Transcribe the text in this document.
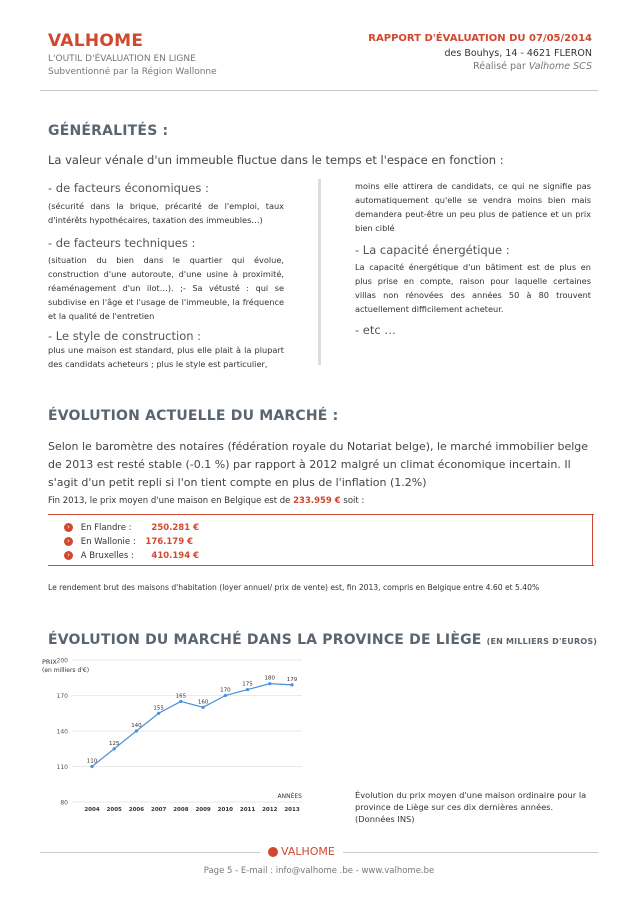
VALHOME
L'OUTIL D'ÉVALUATION EN LIGNE
Subventionné par la Région Wallonne
RAPPORT D'ÉVALUATION DU 07/05/2014
des Bouhys, 14 - 4621 FLERON
Réalisé par Valhome SCS
GÉNÉRALITÉS :
La valeur vénale d'un immeuble fluctue dans le temps et l'espace en fonction :
- de facteurs économiques :
(sécurité dans la brique, précarité de l'emploi, taux d'intérêts hypothécaires, taxation des immeubles…)
- de facteurs techniques :
(situation du bien dans le quartier qui évolue, construction d'une autoroute, d'une usine à proximité, réaménagement d'un ilot…). ;- Sa vétusté : qui se subdivise en l'âge et l'usage de l'immeuble, la fréquence et la qualité de l'entretien
- Le style de construction :
plus une maison est standard, plus elle plait à la plupart des candidats acheteurs ; plus le style est particulier,
moins elle attirera de candidats, ce qui ne signifie pas automatiquement qu'elle se vendra moins bien mais demandera peut-être un peu plus de patience et un prix bien ciblé
- La capacité énergétique :
La capacité énergétique d'un bâtiment est de plus en plus prise en compte, raison pour laquelle certaines villas non rénovées des années 50 à 80 trouvent actuellement difficilement acheteur.
- etc …
ÉVOLUTION ACTUELLE DU MARCHÉ :
Selon le baromètre des notaires (fédération royale du Notariat belge), le marché immobilier belge de 2013 est resté stable (-0.1 %) par rapport à 2012 malgré un climat économique incertain. Il s'agit d'un petit repli si l'on tient compte en plus de l'inflation (1.2%)
Fin 2013, le prix moyen d'une maison en Belgique est de 233.959 € soit :
› En Flandre : 250.281 €
› En Wallonie : 176.179 €
› A Bruxelles : 410.194 €
Le rendement brut des maisons d'habitation (loyer annuel/ prix de vente) est, fin 2013, compris en Belgique entre 4.60 et 5.40%
ÉVOLUTION DU MARCHÉ DANS LA PROVINCE DE LIÈGE (EN MILLIERS D'EUROS)
PRIX
(en milliers d'€)
80
110
140
170
200
2004 2005 2006 2007 2008 2009 2010 2011 2012 2013
ANNÉES
110
125
140
155
165
160
170
175
180 179
Évolution du prix moyen d'une maison ordinaire pour la province de Liège sur ces dix dernières années. (Données INS)
VALHOME
Page 5 - E-mail : info@valhome .be - www.valhome.be
